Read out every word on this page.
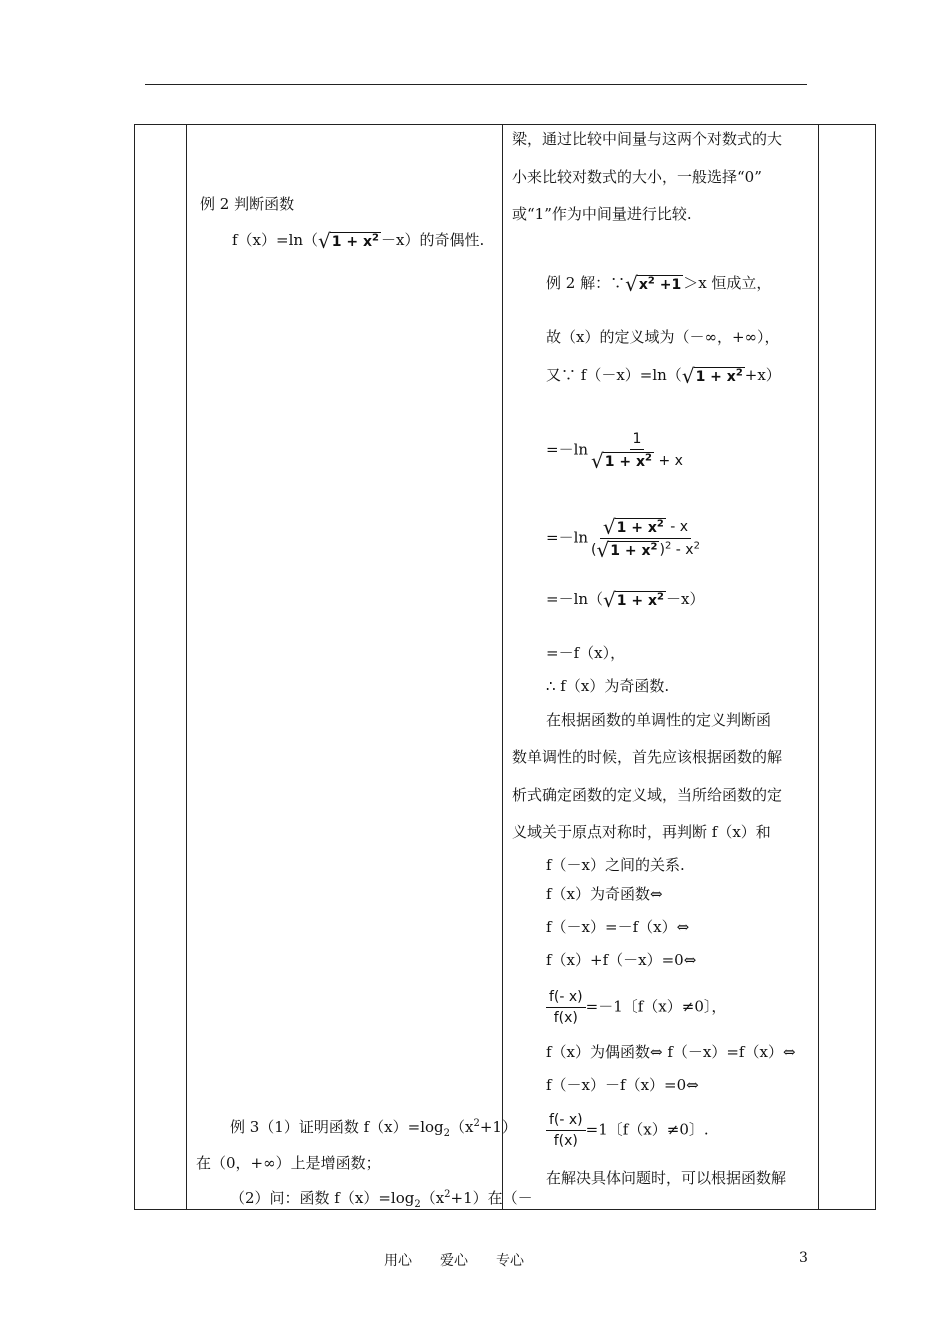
例 2 判断函数
f（x）=ln（ √ $1 + x^2 -x$）的奇偶性.
例 3（1）证明函数 $f(x)=\log_2(x^2+1)$
在（0，+∞）上是增函数；
（2）问：函数 $f(x)=\log_2(x^2+1)$在（－
梁，通过比较中间量与这两个对数式的大
小来比较对数式的大小，一般选择“0”
或“1”作为中间量进行比较.
例 2 解：∵ √ $x^2 +1 >x$ 恒成立，
故（x）的定义域为（－∞，+∞），
又∵ f（－x）=ln（ √ $1 + x^2 +x$）
$=-\ln \frac{1}{√ 1 + x^2 + x}$
$=-\ln \frac{√ 1 + x^2 - x}{( √ 1 + x^2 )^2 - x^2}$
=－ln（ √ $1 + x^2 -x$）
=－f（x），
∴ f（x）为奇函数.
在根据函数的单调性的定义判断函
数单调性的时候，首先应该根据函数的解
析式确定函数的定义域，当所给函数的定
义域关于原点对称时，再判断 f（x）和
f（－x）之间的关系.
f（x）为奇函数⇔
f（－x）=－f（x）⇔
f（x）+f（－x）=0⇔
$\frac{f(- x)}{f(x)} =-1$〔f（x）≠0〕，
f（x）为偶函数⇔ f（－x）=f（x）⇔
f（－x）－f（x）=0⇔
$\frac{f(- x)}{f(x)} =1$〔f（x）≠0〕.
在解决具体问题时，可以根据函数解
用心　　爱心　　专心	3
